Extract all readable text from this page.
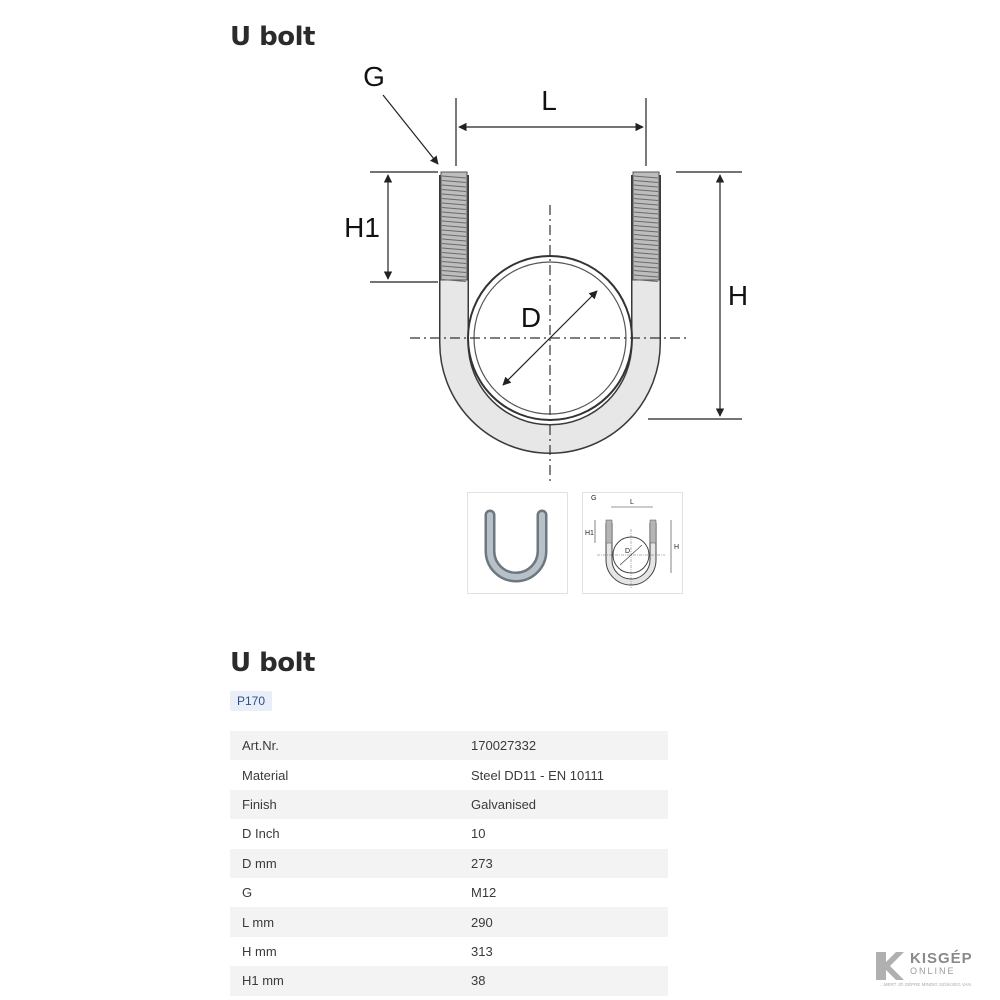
U bolt
L
G
H1
H
D
G
L
H1
D
H
U bolt
P170
Art.Nr.	170027332
Material	Steel DD11 - EN 10111
Finish	Galvanised
D Inch	10
D mm	273
G	M12
L mm	290
H mm	313
H1 mm	38
KISGÉP
ONLINE
...MERT JÓ GÉPRE MINDIG SZÜKSÉG VAN.
